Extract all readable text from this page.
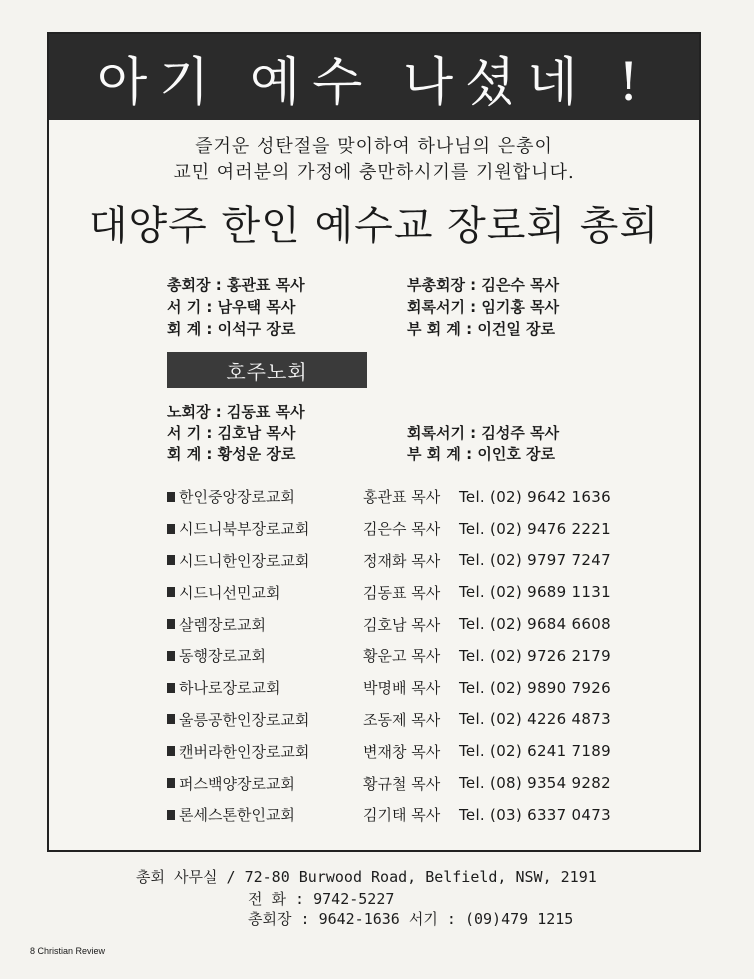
아기 예수 나셨네 !
즐거운 성탄절을 맞이하여 하나님의 은총이
교민 여러분의 가정에 충만하시기를 기원합니다.
대양주 한인 예수교 장로회 총회
총회장 : 홍관표 목사	부총회장 : 김은수 목사
서 기 : 남우택 목사	회록서기 : 임기홍 목사
회 계 : 이석구 장로	부 회 계 : 이건일 장로
호주노회
노회장 : 김동표 목사
서 기 : 김호남 목사	회록서기 : 김성주 목사
회 계 : 황성운 장로	부 회 계 : 이인호 장로
한인중앙장로교회	홍관표 목사	Tel. (02) 9642 1636
시드니북부장로교회	김은수 목사	Tel. (02) 9476 2221
시드니한인장로교회	정재화 목사	Tel. (02) 9797 7247
시드니선민교회	김동표 목사	Tel. (02) 9689 1131
살렘장로교회	김호남 목사	Tel. (02) 9684 6608
동행장로교회	황운고 목사	Tel. (02) 9726 2179
하나로장로교회	박명배 목사	Tel. (02) 9890 7926
울릉공한인장로교회	조동제 목사	Tel. (02) 4226 4873
캔버라한인장로교회	변재창 목사	Tel. (02) 6241 7189
퍼스백양장로교회	황규철 목사	Tel. (08) 9354 9282
론세스톤한인교회	김기태 목사	Tel. (03) 6337 0473
총회 사무실 / 72-80 Burwood Road, Belfield, NSW, 2191
전 화 : 9742-5227
총회장 : 9642-1636 서기 : (09)479 1215
8 Christian Review
